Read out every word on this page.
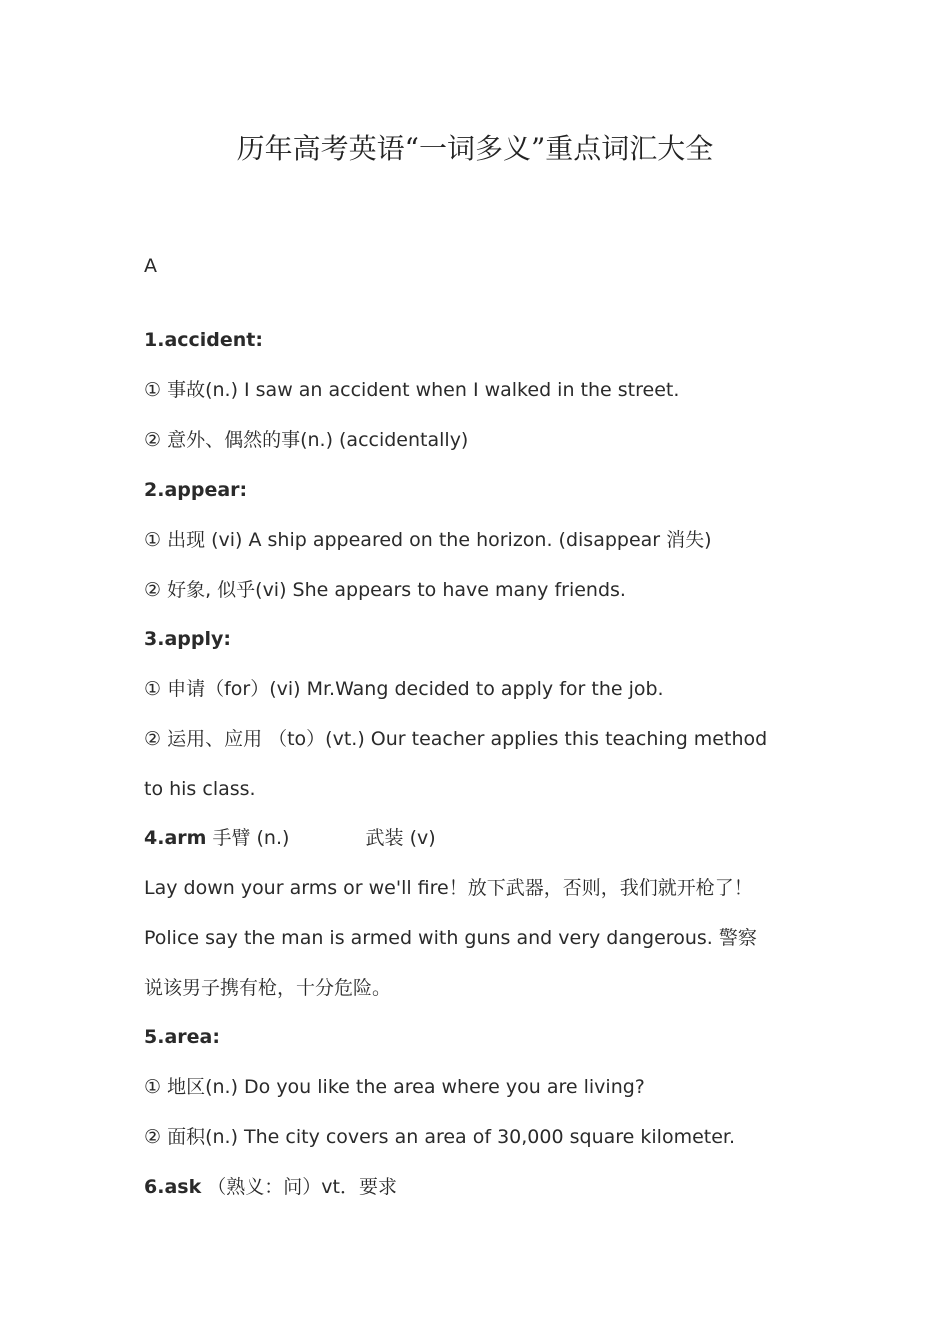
历年高考英语“一词多义”重点词汇大全
A
1.accident:
① 事故(n.) I saw an accident when I walked in the street.
② 意外、偶然的事(n.) (accidentally)
2.appear:
① 出现 (vi) A ship appeared on the horizon. (disappear 消失)
② 好象, 似乎(vi) She appears to have many friends.
3.apply:
① 申请（for）(vi) Mr.Wang decided to apply for the job.
② 运用、应用 （to）(vt.) Our teacher applies this teaching method
to his class.
4.arm 手臂 (n.)	武装 (v)
Lay down your arms or we'll fire！放下武器，否则，我们就开枪了！
Police say the man is armed with guns and very dangerous. 警察
说该男子携有枪，十分危险。
5.area:
① 地区(n.) Do you like the area where you are living?
② 面积(n.) The city covers an area of 30,000 square kilometer.
6.ask （熟义：问）vt．要求
